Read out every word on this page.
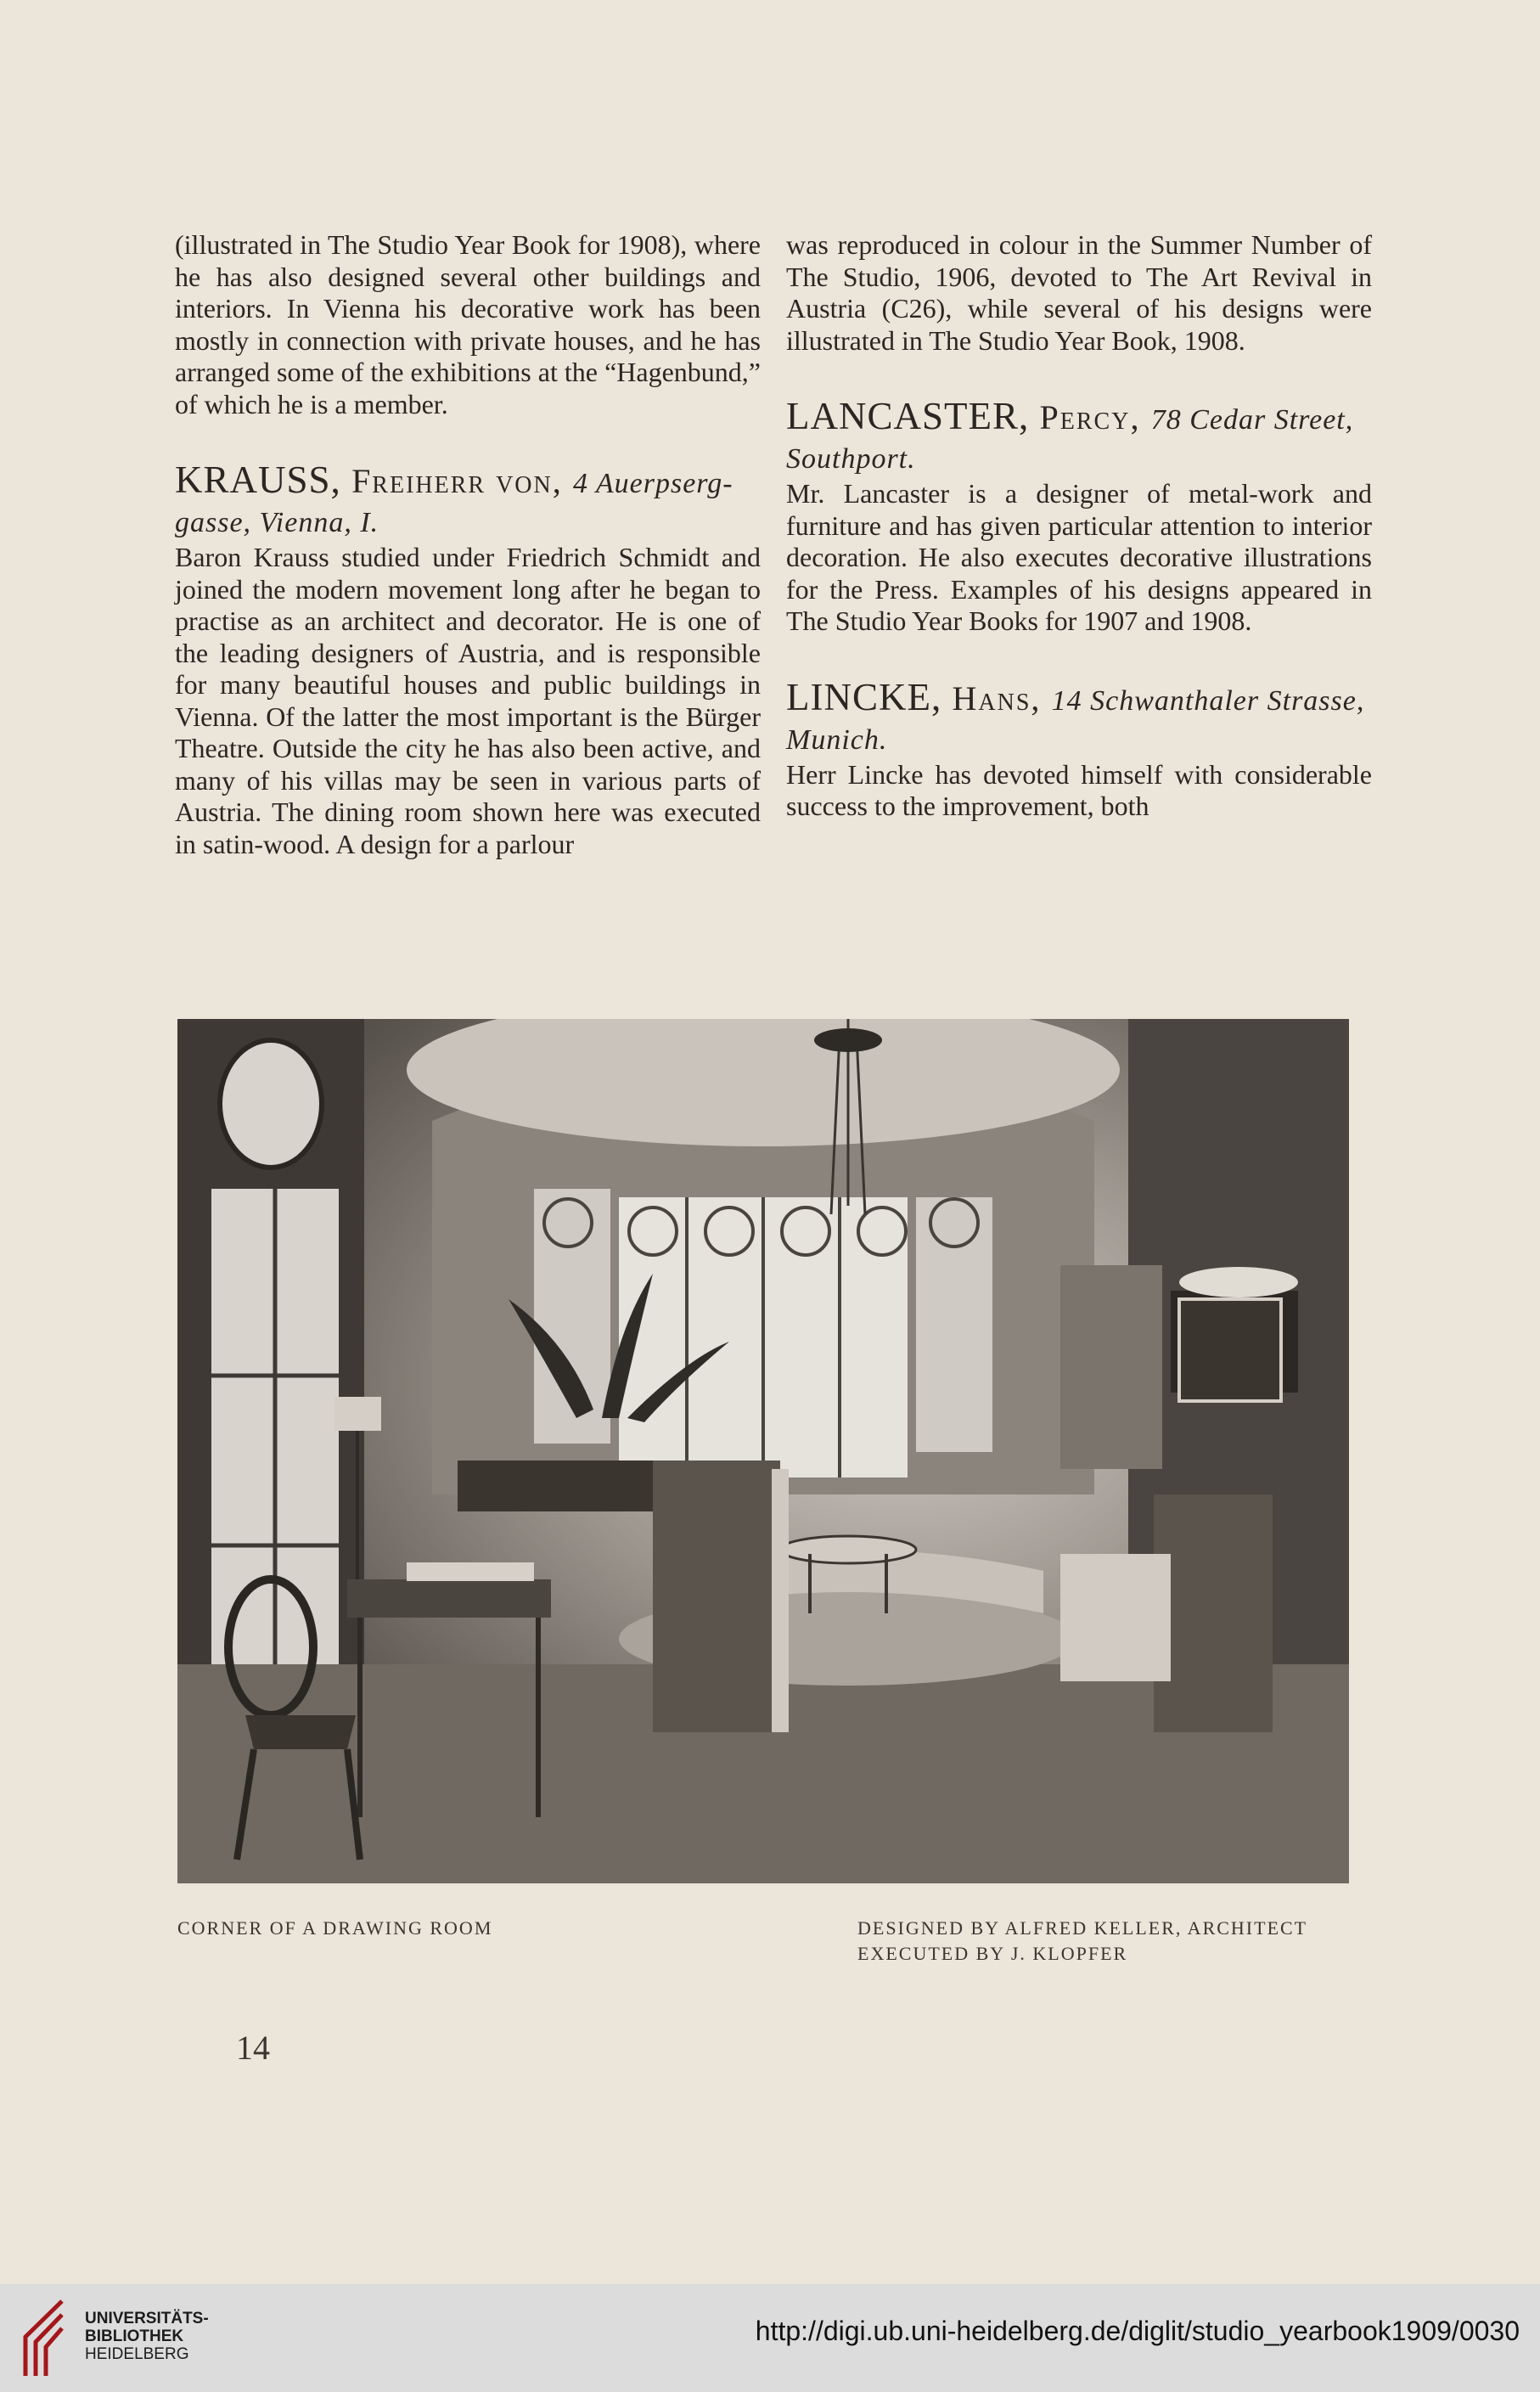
(illustrated in The Studio Year Book for 1908), where he has also designed several other buildings and interiors. In Vienna his decorative work has been mostly in connection with private houses, and he has arranged some of the exhibitions at the “Hagenbund,” of which he is a member.

KRAUSS, Freiherr von, 4 Auerpserg-
gasse, Vienna, I.

Baron Krauss studied under Friedrich Schmidt and joined the modern movement long after he began to practise as an architect and decorator. He is one of the leading designers of Austria, and is responsible for many beautiful houses and public buildings in Vienna. Of the latter the most important is the Bürger Theatre. Outside the city he has also been active, and many of his villas may be seen in various parts of Austria. The dining room shown here was executed in satin-wood. A design for a parlour

was reproduced in colour in the Summer Number of The Studio, 1906, devoted to The Art Revival in Austria (C26), while several of his designs were illustrated in The Studio Year Book, 1908.

LANCASTER, Percy, 78 Cedar Street,
Southport.

Mr. Lancaster is a designer of metal-work and furniture and has given particular attention to interior decoration. He also executes decorative illustrations for the Press. Examples of his designs appeared in The Studio Year Books for 1907 and 1908.

LINCKE, Hans, 14 Schwanthaler Strasse,
Munich.

Herr Lincke has devoted himself with considerable success to the improvement, both

CORNER OF A DRAWING ROOM	DESIGNED BY ALFRED KELLER, ARCHITECT
EXECUTED BY J. KLOPFER
14
UNIVERSITÄTS-
BIBLIOTHEK
HEIDELBERG
http://digi.ub.uni-heidelberg.de/diglit/studio_yearbook1909/0030
